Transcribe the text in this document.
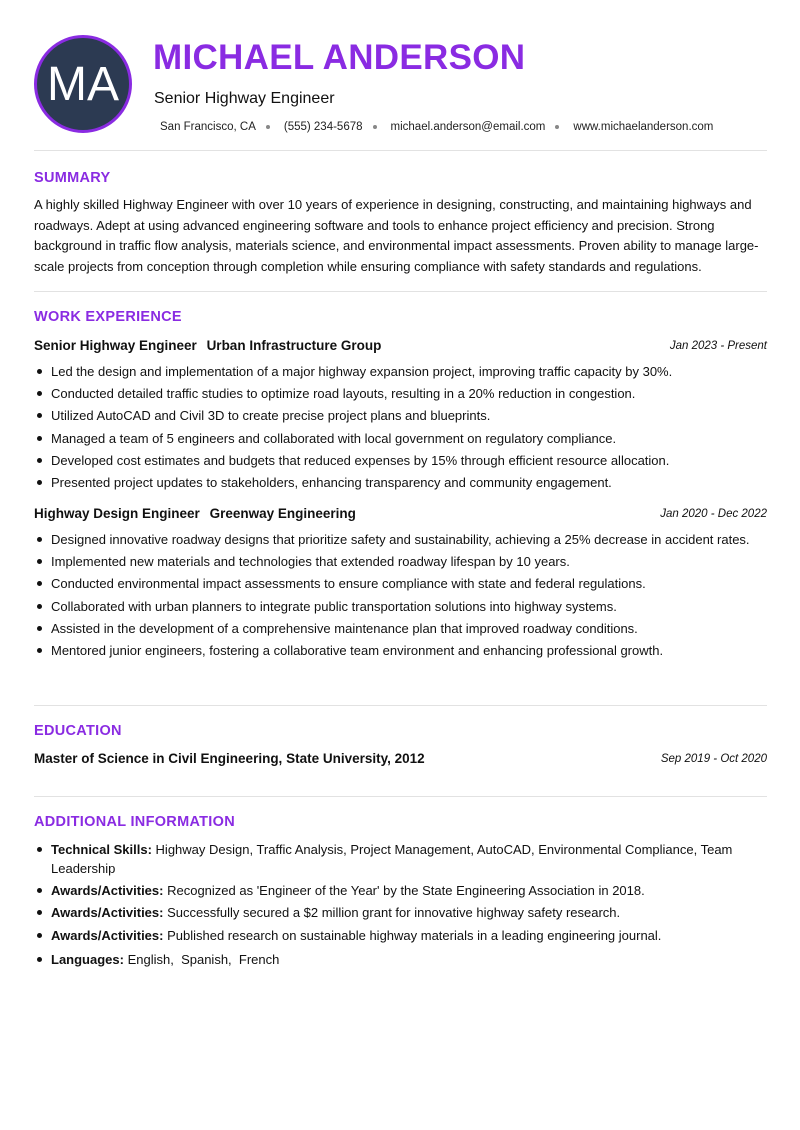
MA MICHAEL ANDERSON
Senior Highway Engineer
San Francisco, CA (555) 234-5678 michael.anderson@email.com www.michaelanderson.com
SUMMARY
A highly skilled Highway Engineer with over 10 years of experience in designing, constructing, and maintaining highways and roadways. Adept at using advanced engineering software and tools to enhance project efficiency and precision. Strong background in traffic flow analysis, materials science, and environmental impact assessments. Proven ability to manage large-scale projects from conception through completion while ensuring compliance with safety standards and regulations.
WORK EXPERIENCE
Senior Highway Engineer Urban Infrastructure Group	Jan 2023 - Present
Led the design and implementation of a major highway expansion project, improving traffic capacity by 30%.
Conducted detailed traffic studies to optimize road layouts, resulting in a 20% reduction in congestion.
Utilized AutoCAD and Civil 3D to create precise project plans and blueprints.
Managed a team of 5 engineers and collaborated with local government on regulatory compliance.
Developed cost estimates and budgets that reduced expenses by 15% through efficient resource allocation.
Presented project updates to stakeholders, enhancing transparency and community engagement.
Highway Design Engineer Greenway Engineering	Jan 2020 - Dec 2022
Designed innovative roadway designs that prioritize safety and sustainability, achieving a 25% decrease in accident rates.
Implemented new materials and technologies that extended roadway lifespan by 10 years.
Conducted environmental impact assessments to ensure compliance with state and federal regulations.
Collaborated with urban planners to integrate public transportation solutions into highway systems.
Assisted in the development of a comprehensive maintenance plan that improved roadway conditions.
Mentored junior engineers, fostering a collaborative team environment and enhancing professional growth.
EDUCATION
Master of Science in Civil Engineering, State University, 2012	Sep 2019 - Oct 2020
ADDITIONAL INFORMATION
Technical Skills: Highway Design, Traffic Analysis, Project Management, AutoCAD, Environmental Compliance, Team Leadership
Awards/Activities: Recognized as 'Engineer of the Year' by the State Engineering Association in 2018.
Awards/Activities: Successfully secured a $2 million grant for innovative highway safety research.
Awards/Activities: Published research on sustainable highway materials in a leading engineering journal.
Languages: English,  Spanish,  French
